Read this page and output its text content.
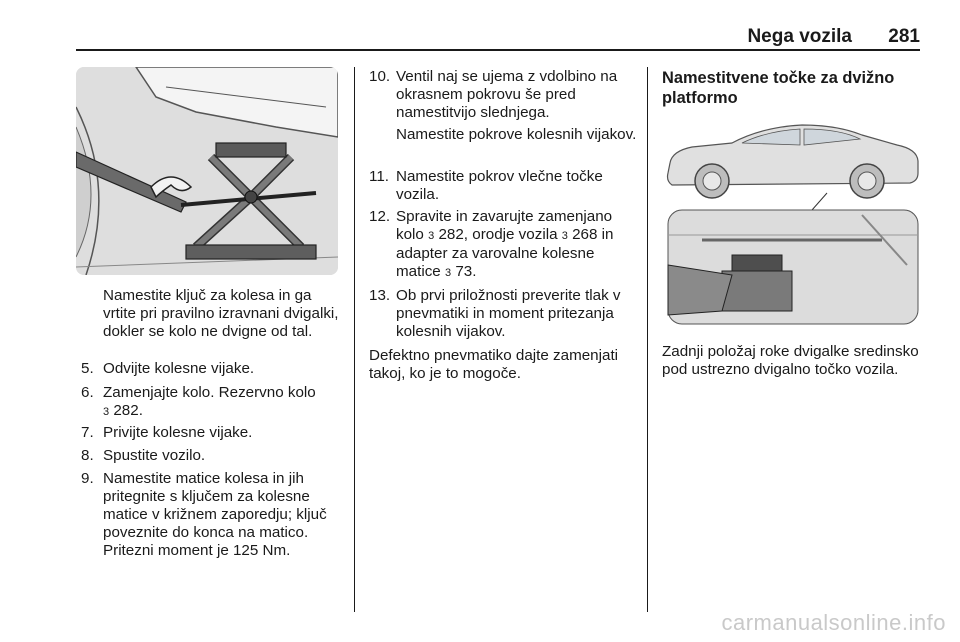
Nega vozila 281

Namestite ključ za kolesa in ga vrtite pri pravilno izravnani dvigalki, dokler se kolo ne dvigne od tal.

5. Odvijte kolesne vijake.
6. Zamenjajte kolo. Rezervno kolo
3 282.
7. Privijte kolesne vijake.
8. Spustite vozilo.
9. Namestite matice kolesa in jih pritegnite s ključem za kolesne matice v križnem zaporedju; ključ poveznite do konca na matico. Pritezni moment je 125 Nm.
10. Ventil naj se ujema z vdolbino na okrasnem pokrovu še pred namestitvijo slednjega.

Namestite pokrove kolesnih vijakov.

11. Namestite pokrov vlečne točke vozila.
12. Spravite in zavarujte zamenjano kolo 3 282, orodje vozila 3 268 in adapter za varovalne kolesne matice 3 73.
13. Ob prvi priložnosti preverite tlak v pnevmatiki in moment pritezanja kolesnih vijakov.

Defektno pnevmatiko dajte zamenjati takoj, ko je to mogoče.

Namestitvene točke za dvižno platformo

Zadnji položaj roke dvigalke sredinsko pod ustrezno dvigalno točko vozila.

carmanualsonline.info
